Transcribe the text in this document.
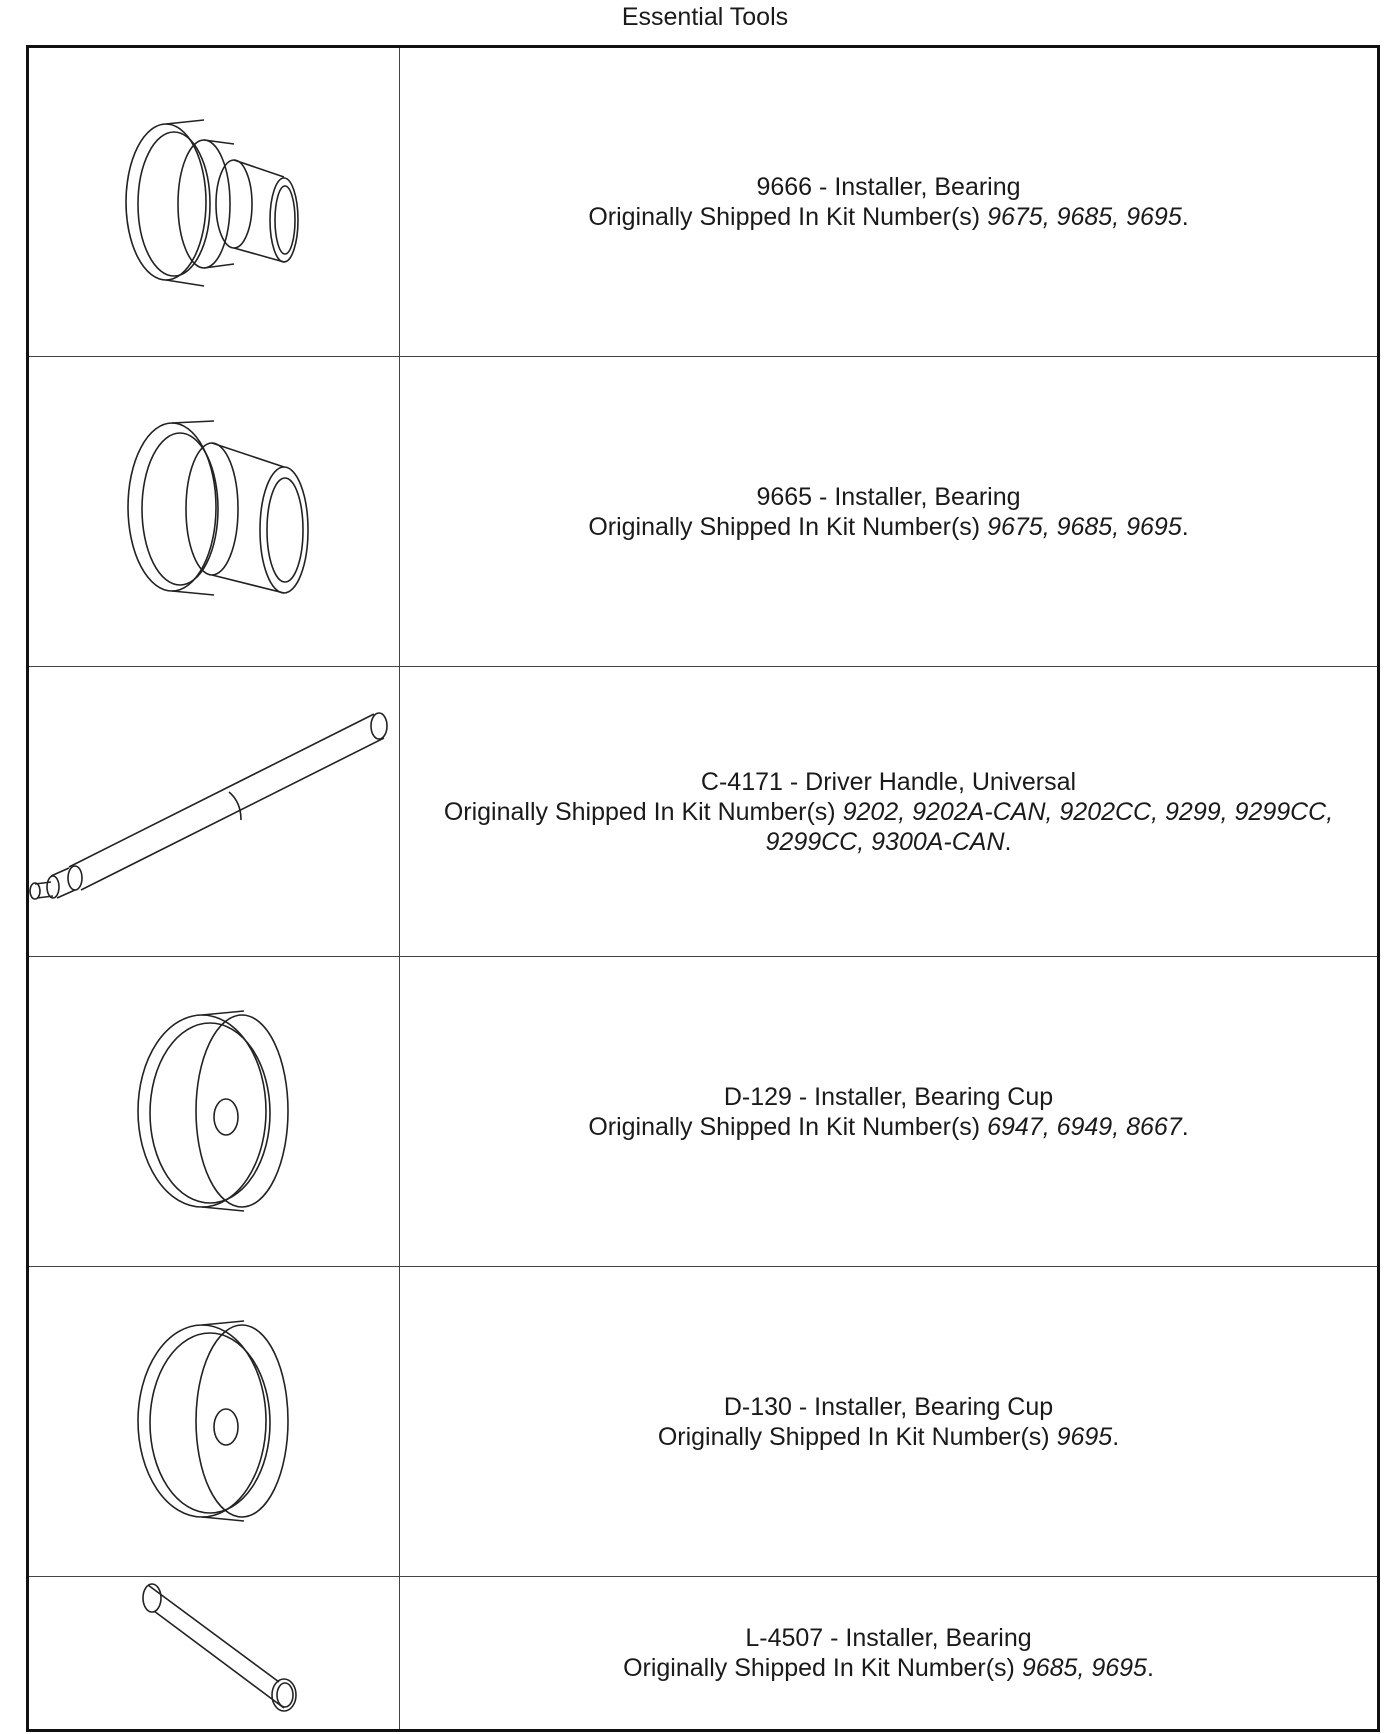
Essential Tools

9666 - Installer, Bearing
Originally Shipped In Kit Number(s) 9675, 9685, 9695.

9665 - Installer, Bearing
Originally Shipped In Kit Number(s) 9675, 9685, 9695.

C-4171 - Driver Handle, Universal
Originally Shipped In Kit Number(s) 9202, 9202A-CAN, 9202CC, 9299, 9299CC, 9299CC, 9300A-CAN.

D-129 - Installer, Bearing Cup
Originally Shipped In Kit Number(s) 6947, 6949, 8667.

D-130 - Installer, Bearing Cup
Originally Shipped In Kit Number(s) 9695.

L-4507 - Installer, Bearing
Originally Shipped In Kit Number(s) 9685, 9695.
